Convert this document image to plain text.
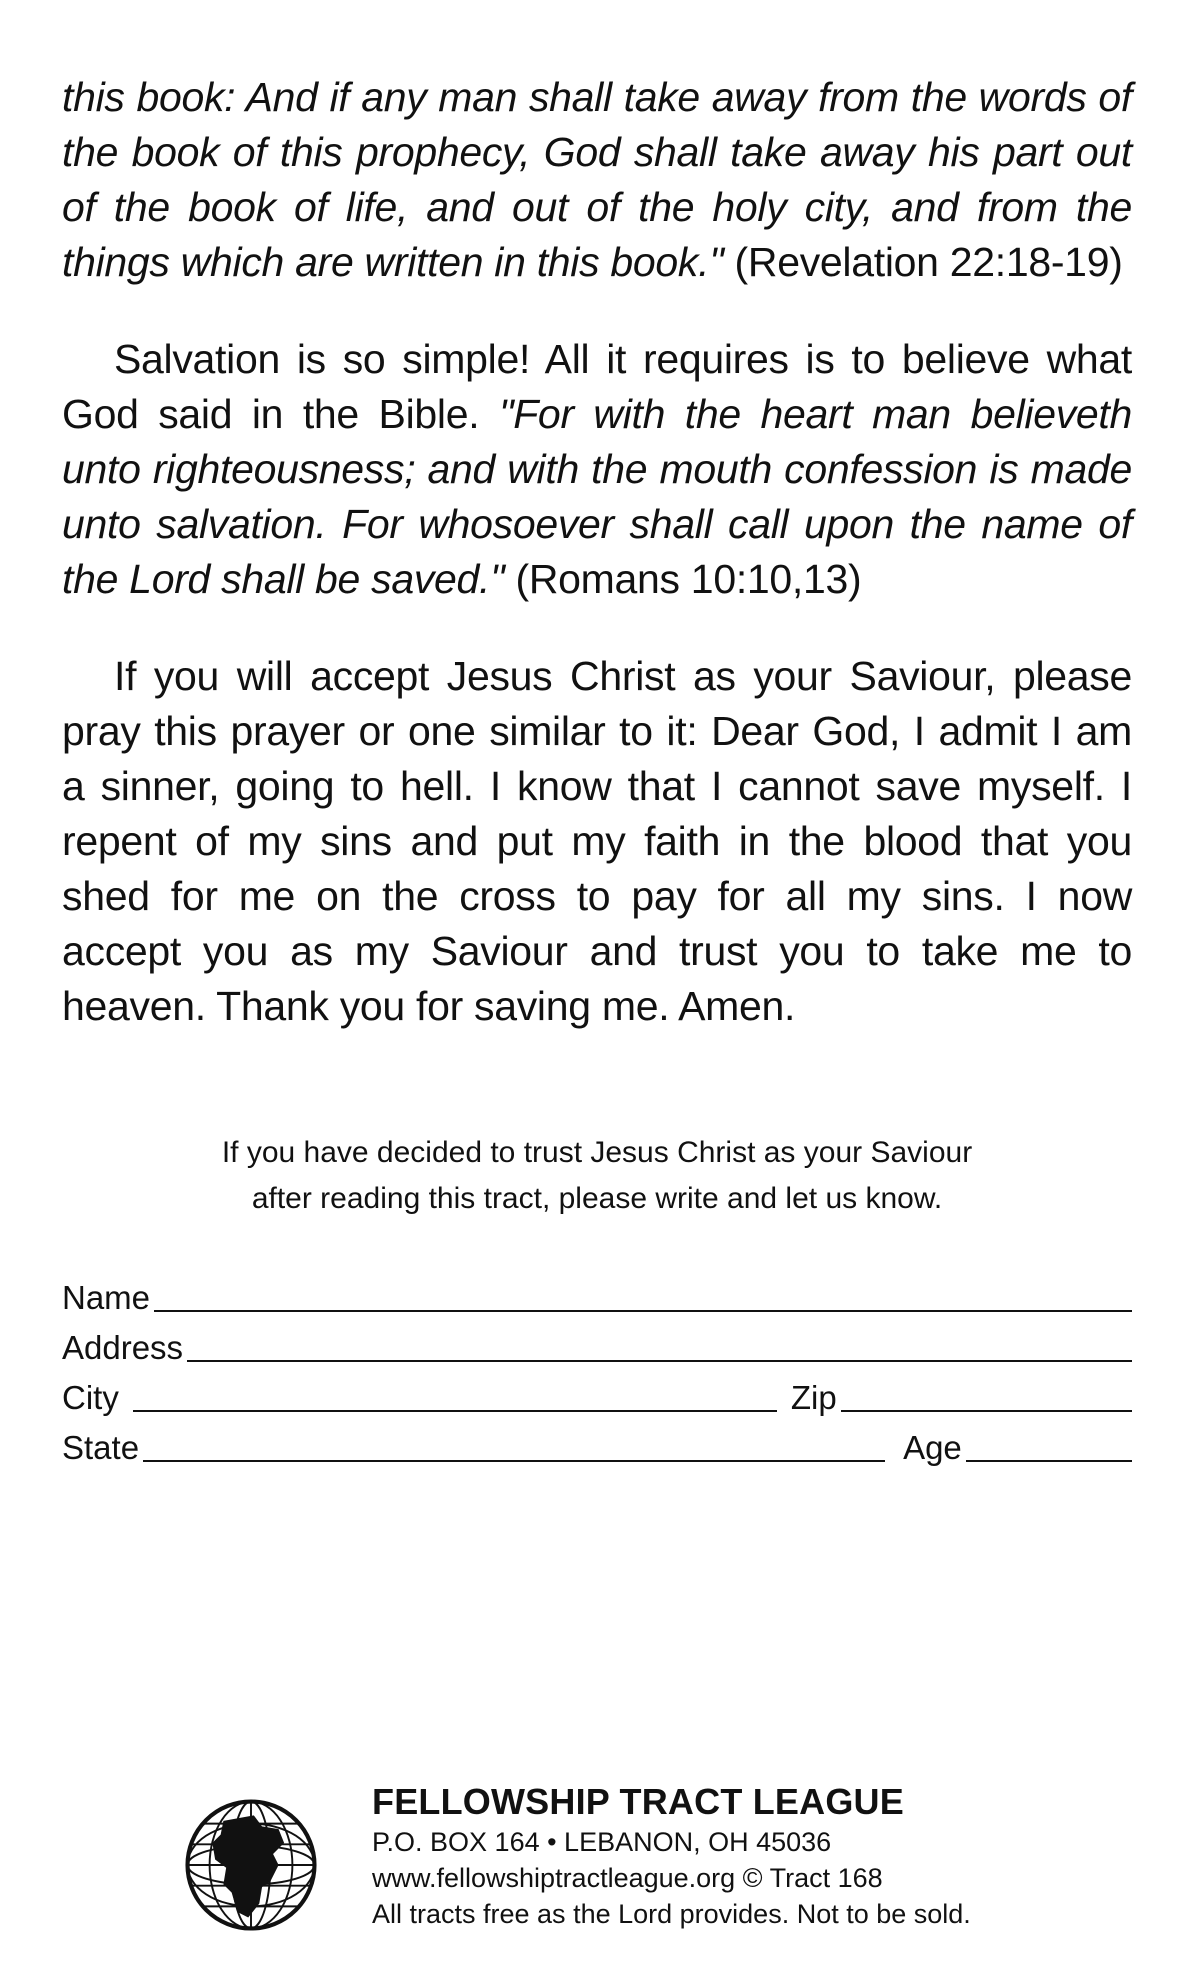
this book: And if any man shall take away from the words of the book of this prophecy, God shall take away his part out of the book of life, and out of the holy city, and from the things which are written in this book." (Revelation 22:18-19)

Salvation is so simple! All it requires is to believe what God said in the Bible. "For with the heart man believeth unto righteousness; and with the mouth confession is made unto salvation. For whosoever shall call upon the name of the Lord shall be saved." (Romans 10:10,13)

If you will accept Jesus Christ as your Saviour, please pray this prayer or one similar to it: Dear God, I admit I am a sinner, going to hell. I know that I cannot save myself. I repent of my sins and put my faith in the blood that you shed for me on the cross to pay for all my sins. I now accept you as my Saviour and trust you to take me to heaven. Thank you for saving me. Amen.

If you have decided to trust Jesus Christ as your Saviour
after reading this tract, please write and let us know.
Name
Address
City	Zip
State	Age
FELLOWSHIP TRACT LEAGUE
P.O. BOX 164 • LEBANON, OH 45036
www.fellowshiptractleague.org © Tract 168
All tracts free as the Lord provides. Not to be sold.
